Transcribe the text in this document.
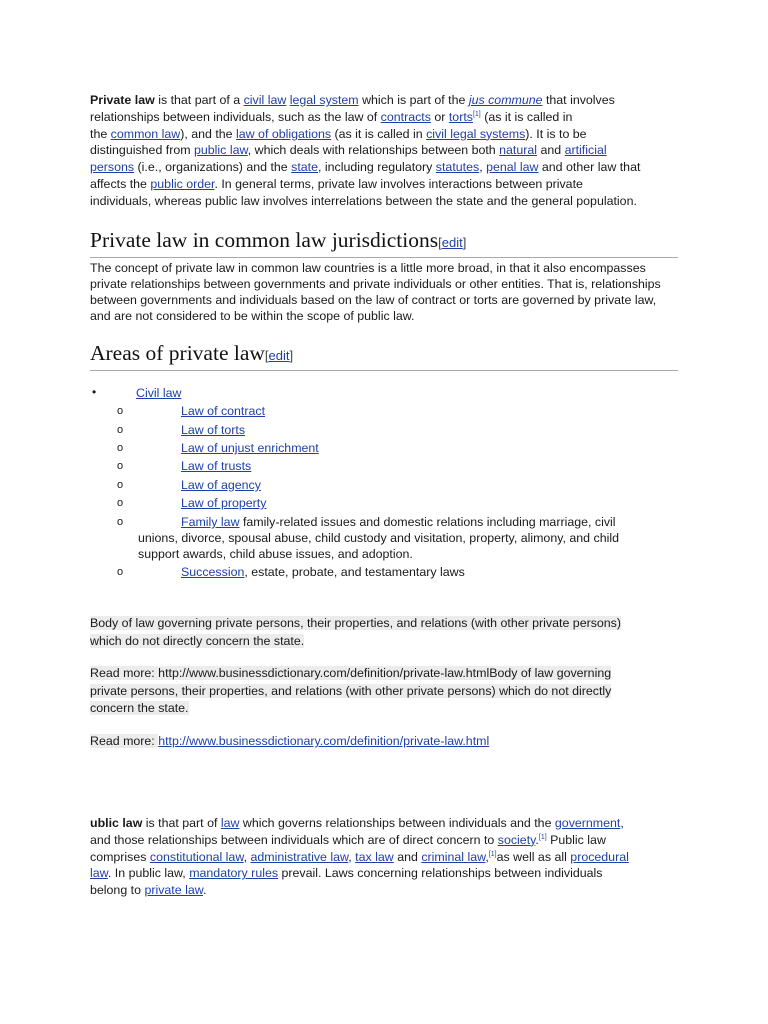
Private law is that part of a civil law legal system which is part of the jus commune that involves

relationships between individuals, such as the law of contracts or torts[1] (as it is called in

the common law), and the law of obligations (as it is called in civil legal systems). It is to be

distinguished from public law, which deals with relationships between both natural and artificial

persons (i.e., organizations) and the state, including regulatory statutes, penal law and other law that

affects the public order. In general terms, private law involves interactions between private

individuals, whereas public law involves interrelations between the state and the general population.

Private law in common law jurisdictions[edit]

The concept of private law in common law countries is a little more broad, in that it also encompasses private relationships between governments and private individuals or other entities. That is, relationships between governments and individuals based on the law of contract or torts are governed by private law, and are not considered to be within the scope of public law.

Areas of private law[edit]
•	Civil law
o	Law of contract
o	Law of torts
o	Law of unjust enrichment
o	Law of trusts
o	Law of agency
o	Law of property
o	Family law family-related issues and domestic relations including marriage, civil
unions, divorce, spousal abuse, child custody and visitation, property, alimony, and child
support awards, child abuse issues, and adoption.
o	Succession, estate, probate, and testamentary laws

Body of law governing private persons, their properties, and relations (with other private persons)

which do not directly concern the state.

Read more: http://www.businessdictionary.com/definition/private-law.htmlBody of law governing

private persons, their properties, and relations (with other private persons) which do not directly

concern the state.

Read more: http://www.businessdictionary.com/definition/private-law.html

ublic law is that part of law which governs relationships between individuals and the government,

and those relationships between individuals which are of direct concern to society.[1] Public law

comprises constitutional law, administrative law, tax law and criminal law,[1]as well as all procedural

law. In public law, mandatory rules prevail. Laws concerning relationships between individuals

belong to private law.
